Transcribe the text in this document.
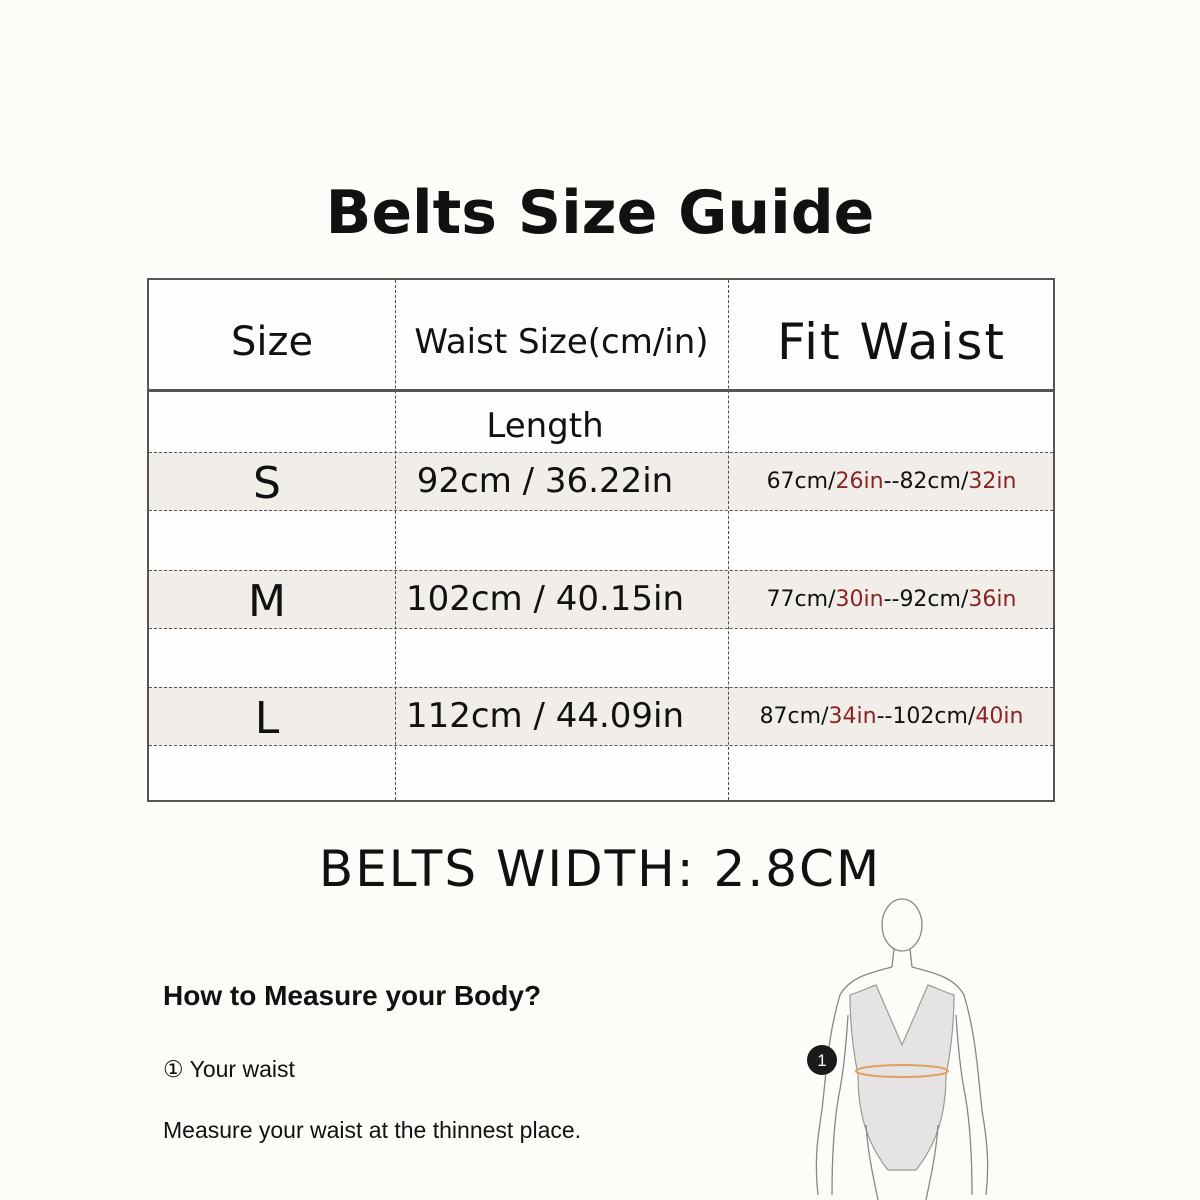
Belts Size Guide
Size	Waist Size(cm/in)	Fit Waist
Length
S	92cm / 36.22in	67cm/ 26in --82cm/ 32in
M	102cm / 40.15in	77cm/ 30in --92cm/ 36in
L	112cm / 44.09in	87cm/ 34in --102cm/ 40in
BELTS WIDTH: 2.8CM
How to Measure your Body?
① Your waist
Measure your waist at the thinnest place.
1
